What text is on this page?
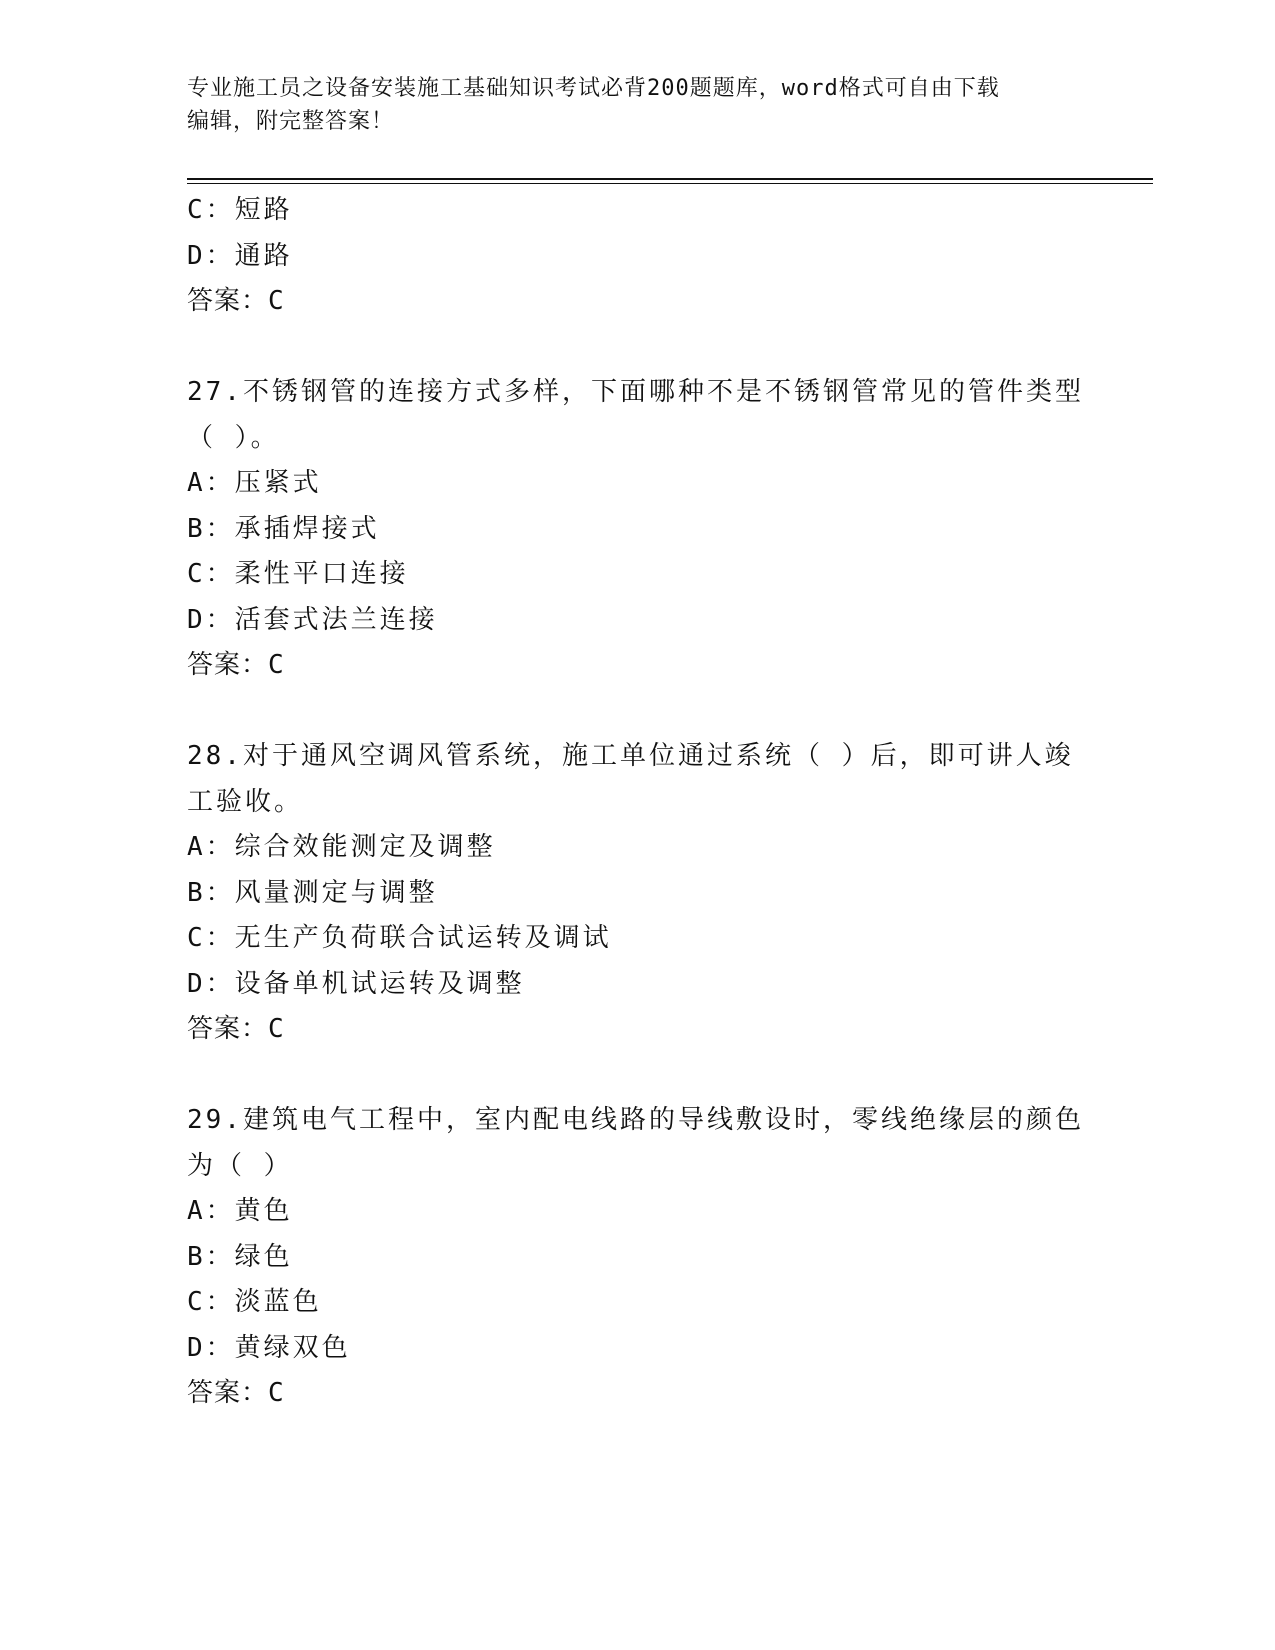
专业施工员之设备安装施工基础知识考试必背200题题库，word格式可自由下载
编辑，附完整答案！
C：短路
D：通路
答案：C
27.不锈钢管的连接方式多样，下面哪种不是不锈钢管常见的管件类型
（ ）。
A：压紧式
B：承插焊接式
C：柔性平口连接
D：活套式法兰连接
答案：C
28.对于通风空调风管系统，施工单位通过系统（ ）后，即可讲人竣
工验收。
A：综合效能测定及调整
B：风量测定与调整
C：无生产负荷联合试运转及调试
D：设备单机试运转及调整
答案：C
29.建筑电气工程中，室内配电线路的导线敷设时，零线绝缘层的颜色
为（ ）
A：黄色
B：绿色
C：淡蓝色
D：黄绿双色
答案：C
